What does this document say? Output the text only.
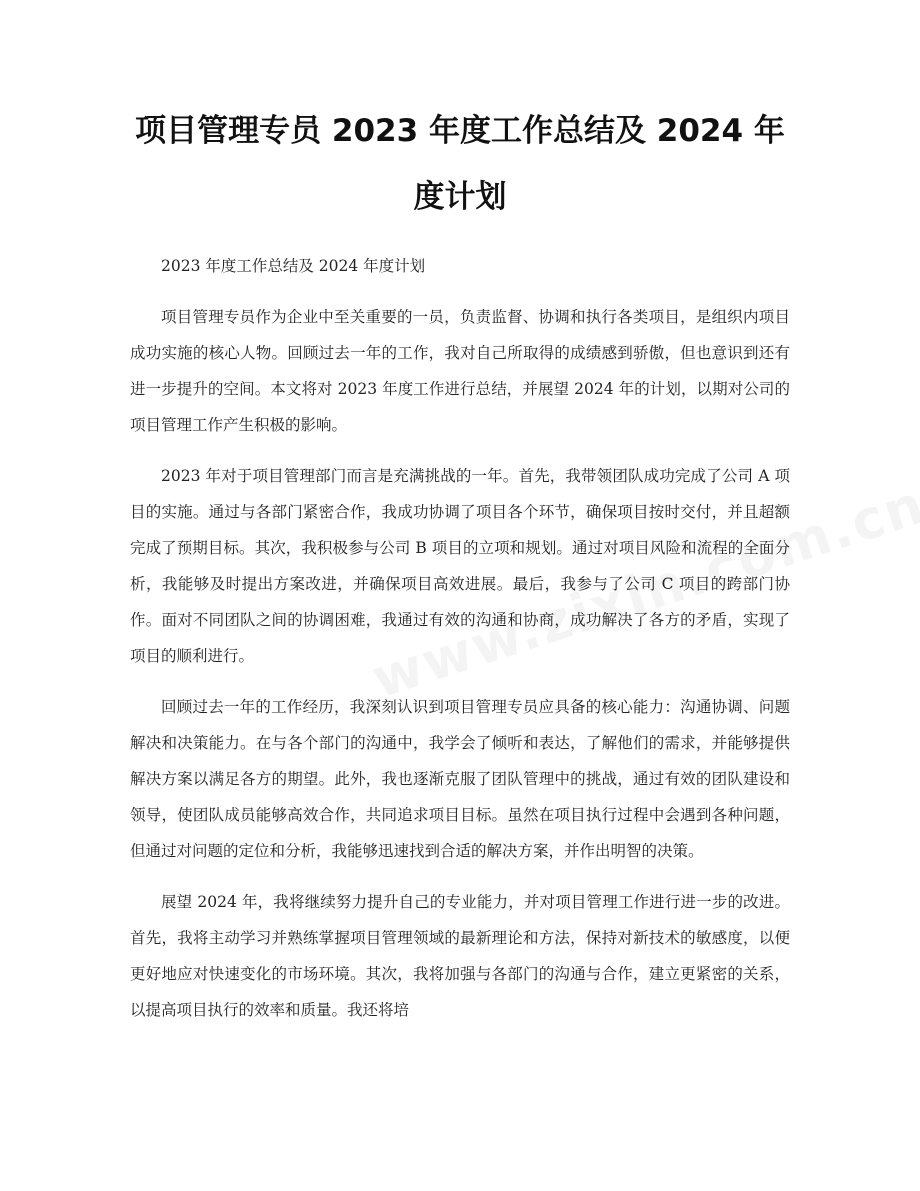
项目管理专员 2023 年度工作总结及 2024 年度计划

2023 年度工作总结及 2024 年度计划

项目管理专员作为企业中至关重要的一员，负责监督、协调和执行各类项目，是组织内项目成功实施的核心人物。回顾过去一年的工作，我对自己所取得的成绩感到骄傲，但也意识到还有进一步提升的空间。本文将对 2023 年度工作进行总结，并展望 2024 年的计划，以期对公司的项目管理工作产生积极的影响。

2023 年对于项目管理部门而言是充满挑战的一年。首先，我带领团队成功完成了公司 A 项目的实施。通过与各部门紧密合作，我成功协调了项目各个环节，确保项目按时交付，并且超额完成了预期目标。其次，我积极参与公司 B 项目的立项和规划。通过对项目风险和流程的全面分析，我能够及时提出方案改进，并确保项目高效进展。最后，我参与了公司 C 项目的跨部门协作。面对不同团队之间的协调困难，我通过有效的沟通和协商，成功解决了各方的矛盾，实现了项目的顺利进行。

回顾过去一年的工作经历，我深刻认识到项目管理专员应具备的核心能力：沟通协调、问题解决和决策能力。在与各个部门的沟通中，我学会了倾听和表达，了解他们的需求，并能够提供解决方案以满足各方的期望。此外，我也逐渐克服了团队管理中的挑战，通过有效的团队建设和领导，使团队成员能够高效合作，共同追求项目目标。虽然在项目执行过程中会遇到各种问题，但通过对问题的定位和分析，我能够迅速找到合适的解决方案，并作出明智的决策。

展望 2024 年，我将继续努力提升自己的专业能力，并对项目管理工作进行进一步的改进。首先，我将主动学习并熟练掌握项目管理领域的最新理论和方法，保持对新技术的敏感度，以便更好地应对快速变化的市场环境。其次，我将加强与各部门的沟通与合作，建立更紧密的关系，以提高项目执行的效率和质量。我还将培
